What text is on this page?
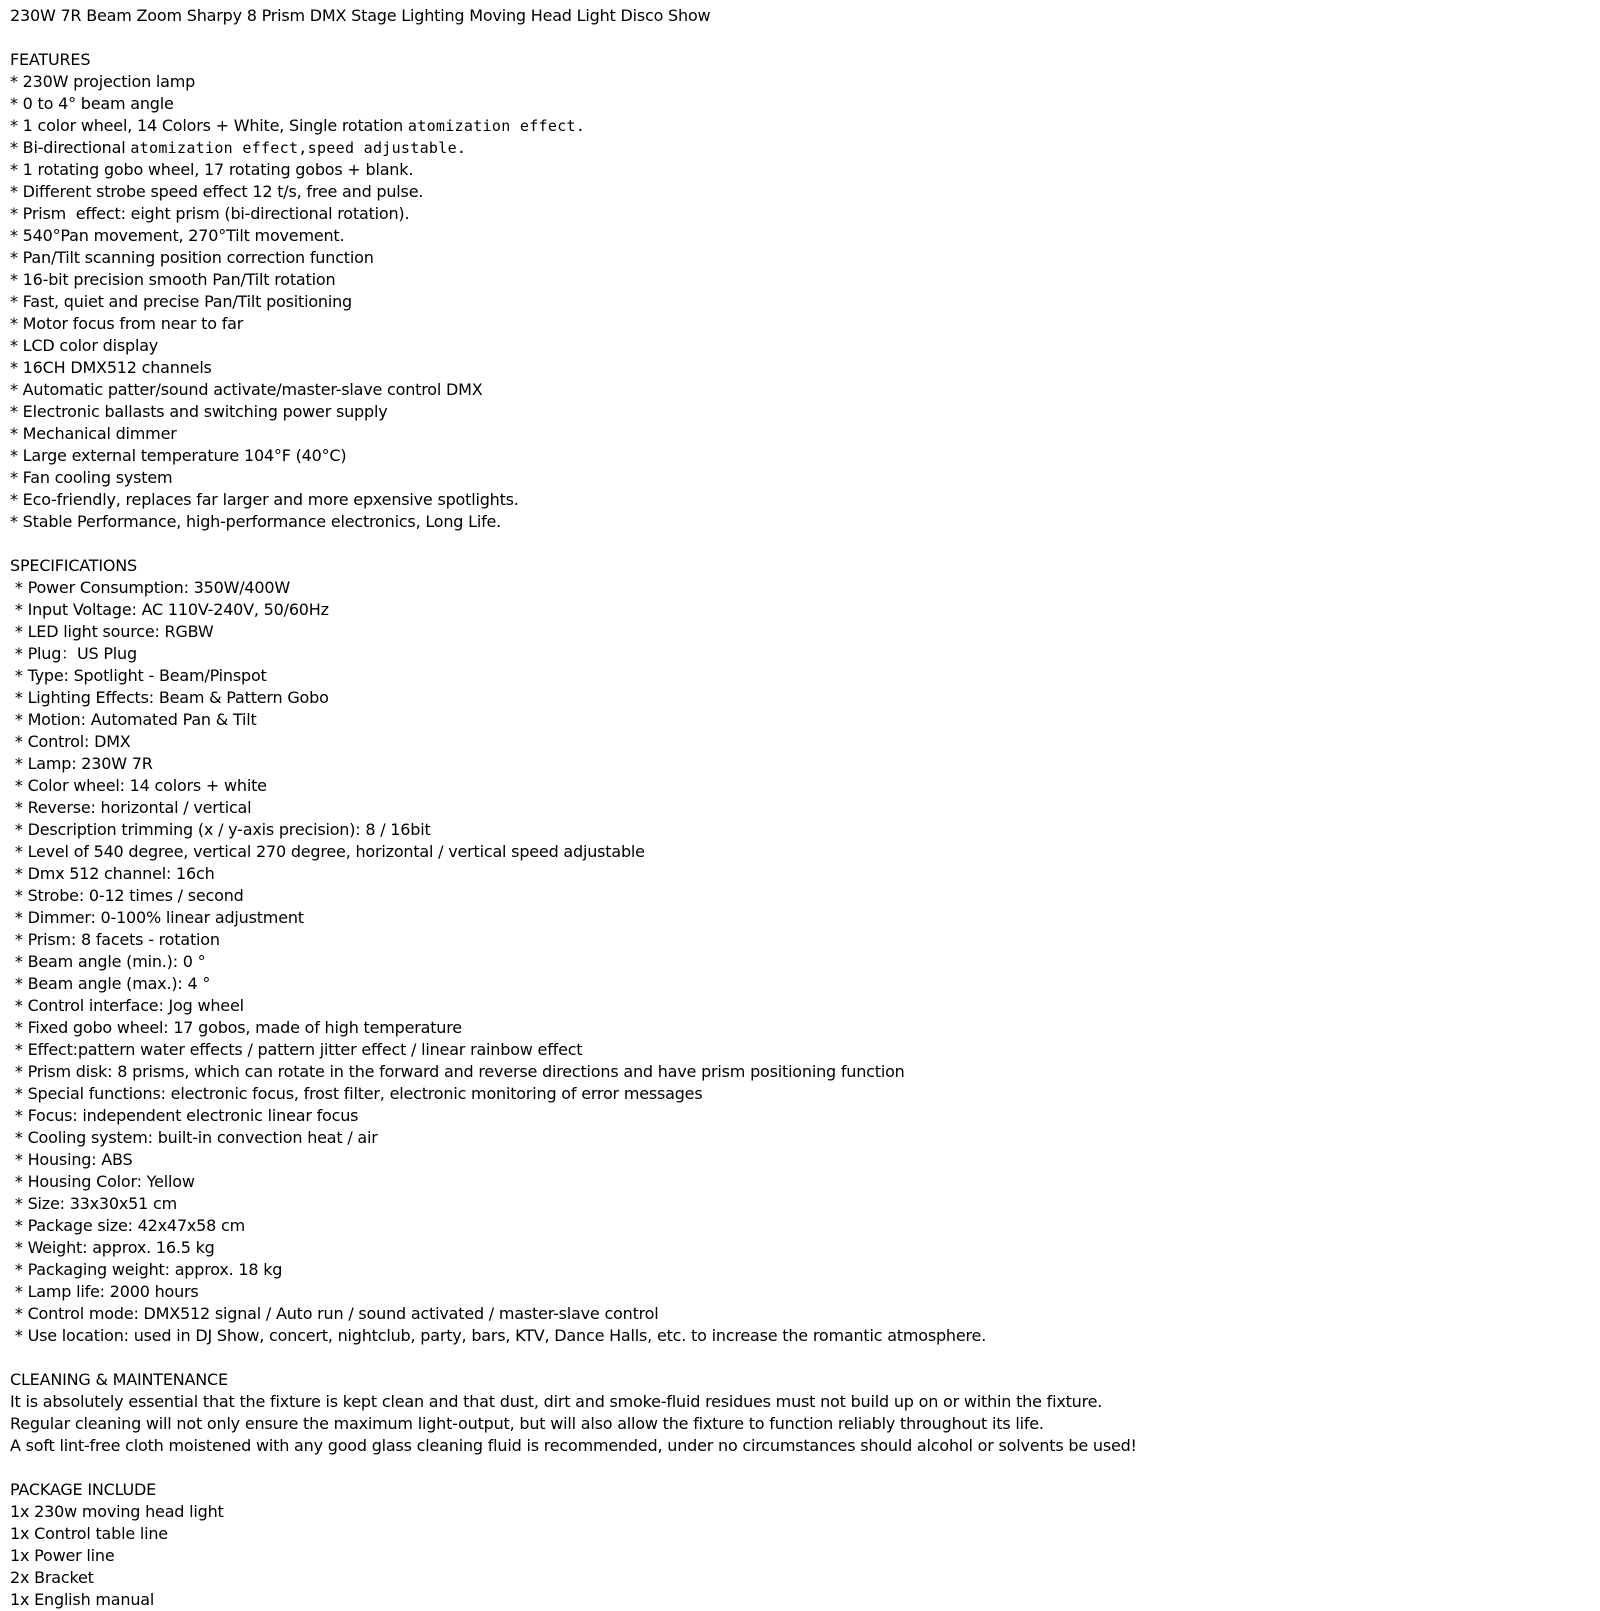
230W 7R Beam Zoom Sharpy 8 Prism DMX Stage Lighting Moving Head Light Disco Show
FEATURES
* 230W projection lamp
* 0 to 4° beam angle
* 1 color wheel, 14 Colors + White, Single rotation atomization effect.
* Bi-directional atomization effect,speed adjustable.
* 1 rotating gobo wheel, 17 rotating gobos + blank.
* Different strobe speed effect 12 t/s, free and pulse.
* Prism  effect: eight prism (bi-directional rotation).
* 540°Pan movement, 270°Tilt movement.
* Pan/Tilt scanning position correction function
* 16-bit precision smooth Pan/Tilt rotation
* Fast, quiet and precise Pan/Tilt positioning
* Motor focus from near to far
* LCD color display
* 16CH DMX512 channels
* Automatic patter/sound activate/master-slave control DMX
* Electronic ballasts and switching power supply
* Mechanical dimmer
* Large external temperature 104°F (40°C)
* Fan cooling system
* Eco-friendly, replaces far larger and more epxensive spotlights.
* Stable Performance, high-performance electronics, Long Life.
SPECIFICATIONS
* Power Consumption: 350W/400W
* Input Voltage: AC 110V-240V, 50/60Hz
* LED light source: RGBW
* Plug：US Plug
* Type: Spotlight - Beam/Pinspot
* Lighting Effects: Beam & Pattern Gobo
* Motion: Automated Pan & Tilt
* Control: DMX
* Lamp: 230W 7R
* Color wheel: 14 colors + white
* Reverse: horizontal / vertical
* Description trimming (x / y-axis precision): 8 / 16bit
* Level of 540 degree, vertical 270 degree, horizontal / vertical speed adjustable
* Dmx 512 channel: 16ch
* Strobe: 0-12 times / second
* Dimmer: 0-100% linear adjustment
* Prism: 8 facets - rotation
* Beam angle (min.): 0 °
* Beam angle (max.): 4 °
* Control interface: Jog wheel
* Fixed gobo wheel: 17 gobos, made of high temperature
* Effect:pattern water effects / pattern jitter effect / linear rainbow effect
* Prism disk: 8 prisms, which can rotate in the forward and reverse directions and have prism positioning function
* Special functions: electronic focus, frost filter, electronic monitoring of error messages
* Focus: independent electronic linear focus
* Cooling system: built-in convection heat / air
* Housing: ABS
* Housing Color: Yellow
* Size: 33x30x51 cm
* Package size: 42x47x58 cm
* Weight: approx. 16.5 kg
* Packaging weight: approx. 18 kg
* Lamp life: 2000 hours
* Control mode: DMX512 signal / Auto run / sound activated / master-slave control
* Use location: used in DJ Show, concert, nightclub, party, bars, KTV, Dance Halls, etc. to increase the romantic atmosphere.
CLEANING & MAINTENANCE
It is absolutely essential that the fixture is kept clean and that dust, dirt and smoke-fluid residues must not build up on or within the fixture.
Regular cleaning will not only ensure the maximum light-output, but will also allow the fixture to function reliably throughout its life.
A soft lint-free cloth moistened with any good glass cleaning fluid is recommended, under no circumstances should alcohol or solvents be used!
PACKAGE INCLUDE
1x 230w moving head light
1x Control table line
1x Power line
2x Bracket
1x English manual
